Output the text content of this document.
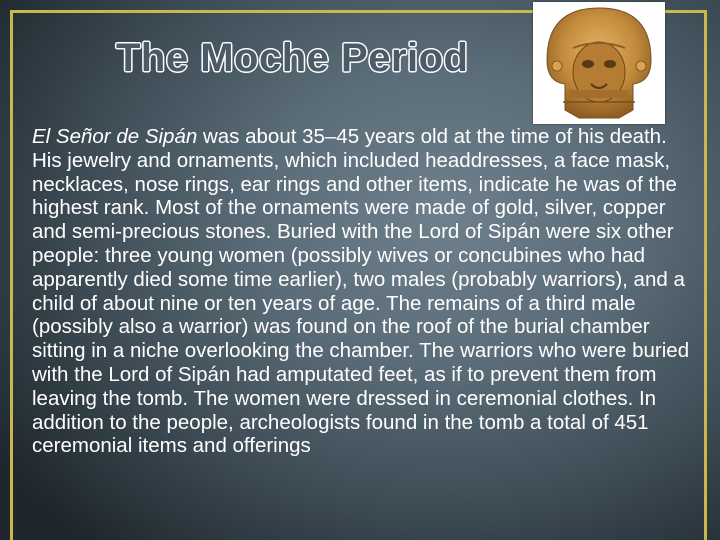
The Moche Period

El Señor de Sipán was about 35–45 years old at the time of his death. His jewelry and ornaments, which included headdresses, a face mask, necklaces, nose rings, ear rings and other items, indicate he was of the highest rank. Most of the ornaments were made of gold, silver, copper and semi-precious stones. Buried with the Lord of Sipán were six other people: three young women (possibly wives or concubines who had apparently died some time earlier), two males (probably warriors), and a child of about nine or ten years of age. The remains of a third male (possibly also a warrior) was found on the roof of the burial chamber sitting in a niche overlooking the chamber. The warriors who were buried with the Lord of Sipán had amputated feet, as if to prevent them from leaving the tomb. The women were dressed in ceremonial clothes. In addition to the people, archeologists found in the tomb a total of 451 ceremonial items and offerings
